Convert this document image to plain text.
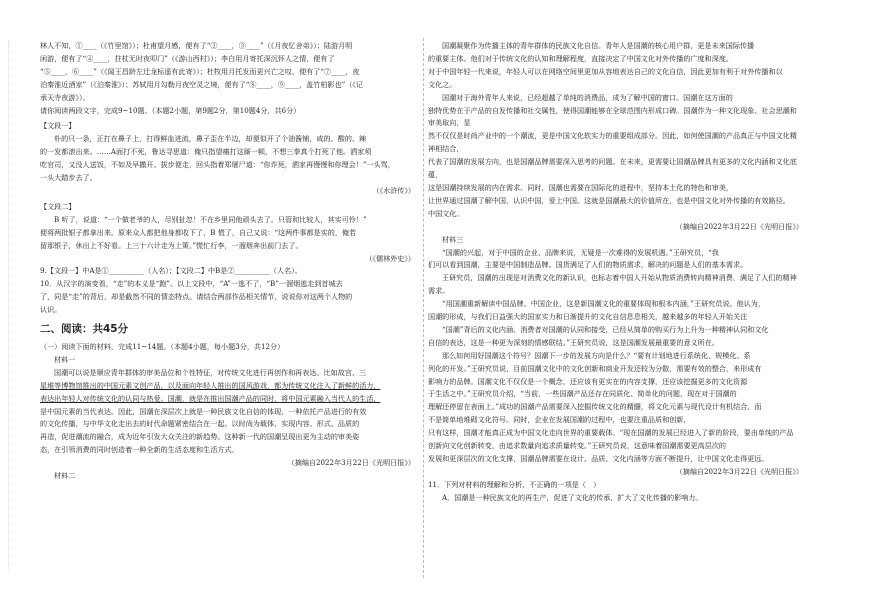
林人不知，①____（《竹里馆》）；杜甫望月感，便有了“②____，③____”（《月夜忆舍弟》）；陆游月明
闲游，便有了“④____，拄杖无时夜叩门”（《游山西村》）；李白用月寄托深沉怀人之情，便有了
“⑤____，⑥____”（《闻王昌龄左迁龙标遥有此寄》）；杜牧用月托发而更兴亡之叹，便有了“⑦____，夜
泊秦淮近酒家”（《泊秦淮》）；苏轼用月勾勒月夜空灵之境，便有了“⑧____，⑨____，盖竹柏影也”（《记
承天寺夜游》）。
请你阅读两段文字，完成9~10题。（本题2小题，第9题2分，第10题4分，共6分）
【文段一】
朴的只一条，正打在鼻子上，打得鲜血迸流，鼻子歪在半边，却便似开了个油酱铺，咸的、酸的、辣
的一发都滚出来。……A面打不死，鲁达寻思道：俺只指望痛打这厮一顿，不想三拳真个打死了他。洒家须
吃官司，又没人送饭，不如及早撒开。拔步便走，回头指着郑屠尸道：“你诈死，洒家再慢慢和你理会！”一头骂，
一头大踏步去了。
（《水浒传》）
【文段二】
B 听了，说道：“一个做老爷的人，尽别扯忽！不在乡里同他顽头去了。只管和比较人，其实可怜！”
便将两批银子都拿出来。原来众人都把他身都收下了，B 慌了，自己又说：“这两件事都是实的，俺若
留那银子，休出上不好看。上三十六计走为上策。”慌忙行李，一溜烟奔出前门去了。
（《儒林外史》）
9.【文段一】中A是①__________（人名）；【文段二】中B是②__________（人名）。
10．从汉字的演变看，“走”的本义是“跑”。以上文段中，“A”一逃不了，“B”一溜烟逃走到首城去
了，同是“走”的背后，却是截然不同的情态特点。请结合两部作品相关情节，说说你对这两个人物的
认识。
二、阅读：共45分
（一）阅读下面的材料，完成11~14题。（本题4小题，每小题3分，共12分）
材料一
国潮可以说是顺应青年群体的审美品位和个性特征，对传统文化进行再创作和再表达。比如故宫、三
星堆等博物馆推出的中国元素文创产品，以及面向年轻人推出的国风游戏，都为传统文化注入了新鲜的活力，
表达出年轻人对传统文化的认同与热爱。国潮，就是在推出国潮产品的同时，将中国元素融入当代人的生活，
是中国元素的当代表达。因此，国潮在深层次上就是一种民族文化自信的体现，一种依托产品进行的有效
的文化传播，与中华文化走出去的时代命题紧密结合在一起。以时尚为载体，实现内容、形式、品质的
再造，促进潮流的融合，成为近年引发大众关注的新趋势。这种新一代的国潮呈现出更为主动的审美姿
态，在引领消费的同时创造着一种全新的生活态度和生活方式。
（摘编自2022年3月22日《光明日报》）
材料二
国潮凝聚作为传播主体的青年群体的民族文化自信。青年人是国潮的核心用户群，更是未来国际传播
的重要主体。他们对于传统文化的认知和理解程度，直接决定了中国文化对外传播的广度和深度。
对于中国年轻一代来说，年轻人可以在网络空间里更加从容地表达自己的文化自信，因此更加有利于对外传播和以
文化之。
国潮对于海外青年人来说，已经超越了单纯的消费品，成为了解中国的窗口。国潮在这方面的
独特优势在于产品的自发传播和社交属性，使得国潮能够在全球范围内形成口碑。国潮作为一种文化现象、社会思潮和审美取向，显
然不仅仅是时尚产业中的一个潮流，更是中国文化软实力的重要组成部分。因此，如何使国潮的产品真正与中国文化精神相结合，
代表了国潮的发展方向，也是国潮品牌需要深入思考的问题。在未来，更需要让国潮品牌具有更多的文化内涵和文化底蕴，
这是国潮持续发展的内在需求。同时，国潮也需要在国际化的进程中，坚持本土化的特色和审美，
让世界通过国潮了解中国，认识中国，爱上中国。这就是国潮最大的价值所在，也是中国文化对外传播的有效路径。
中国文化。
（摘编自2022年3月22日《光明日报》）
材料三
“国潮的兴起，对于中国的企业、品牌来说，无疑是一次难得的发展机遇。”王研究员，“我
们可以看到国潮，主要是中国制造品牌。国货满足了人们的物质需求，解决的问题是人们的基本需求。
王研究员，国潮的出现是对消费文化的新认识，也标志着中国人开始从物质消费转向精神消费，满足了人们的精神需求。
“用国潮重新解读中国品牌、中国企业，这是新国潮文化的重要体现和根本内涵，”王研究员说。他认为，
国潮的形成，与我们日益强大的国家实力和日渐提升的文化自信息息相关，越来越多的年轻人开始关注
“国潮”背后的文化内涵、消费者对国潮的认同和接受，已经从简单的购买行为上升为一种精神认同和文化
自信的表达，这是一种更为深刻的情感联结。”王研究员说，这是国潮发展最重要的意义所在。
那么如何用好国潮这个符号？国潮下一步的发展方向是什么？“要有计划地进行系统化、规模化、系
列化的开发。”王研究员说，目前国潮文化中的文化创新和商业开发还较为分散，需要有效的整合，来形成有
影响力的品牌。国潮文化不仅仅是一个概念，还应该有更实在的内容支撑，还应该挖掘更多的文化资源
于生活之中。”王研究员介绍，“当前，一些国潮产品还存在同质化、简单化的问题，现在对于国潮的
理解还停留在表面上。”成功的国潮产品需要深入挖掘传统文化的精髓，将文化元素与现代设计有机结合，而
不是简单地堆砌文化符号。同时，企业在发展国潮的过程中，也要注重品质和创新，
只有这样，国潮才能真正成为中国文化走向世界的重要载体。“现在国潮的发展已经进入了新的阶段，要由单纯的产品
创新向文化创新转变，由追求数量向追求质量转变。”王研究员说，这意味着国潮需要更高层次的
发展和更深层次的文化支撑，国潮品牌需要在设计、品质、文化内涵等方面不断提升，让中国文化走得更远。
（摘编自2022年3月22日《光明日报》）
11．下列对材料的理解和分析，不正确的一项是（　）
A．国潮是一种民族文化的再生产，促进了文化的传承，扩大了文化传播的影响力。
